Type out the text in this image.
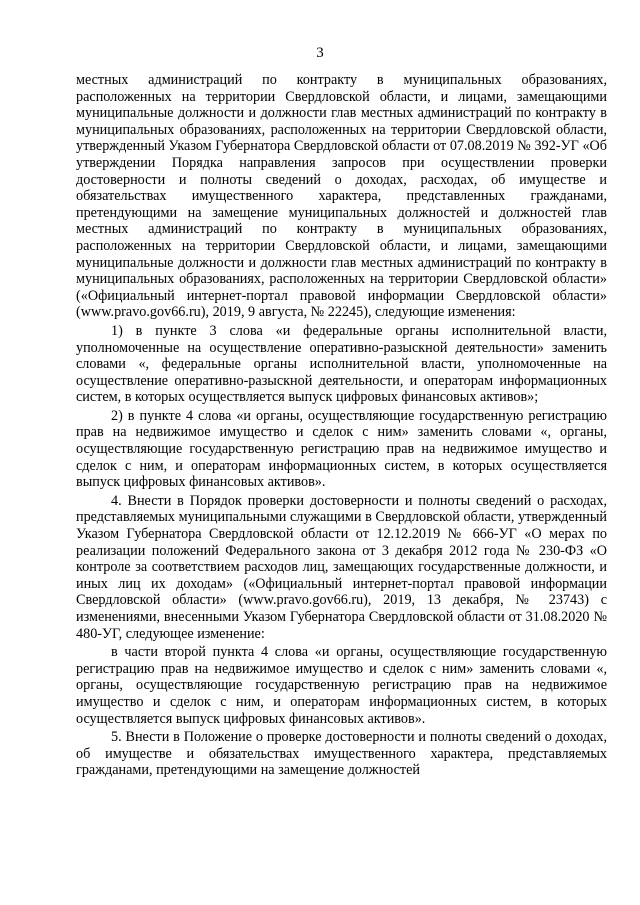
3

местных администраций по контракту в муниципальных образованиях, расположенных на территории Свердловской области, и лицами, замещающими муниципальные должности и должности глав местных администраций по контракту в муниципальных образованиях, расположенных на территории Свердловской области, утвержденный Указом Губернатора Свердловской области от 07.08.2019 № 392-УГ «Об утверждении Порядка направления запросов при осуществлении проверки достоверности и полноты сведений о доходах, расходах, об имуществе и обязательствах имущественного характера, представленных гражданами, претендующими на замещение муниципальных должностей и должностей глав местных администраций по контракту в муниципальных образованиях, расположенных на территории Свердловской области, и лицами, замещающими муниципальные должности и должности глав местных администраций по контракту в муниципальных образованиях, расположенных на территории Свердловской области» («Официальный интернет-портал правовой информации Свердловской области» (www.pravo.gov66.ru), 2019, 9 августа, № 22245), следующие изменения:

1) в пункте 3 слова «и федеральные органы исполнительной власти, уполномоченные на осуществление оперативно-разыскной деятельности» заменить словами «, федеральные органы исполнительной власти, уполномоченные на осуществление оперативно-разыскной деятельности, и операторам информационных систем, в которых осуществляется выпуск цифровых финансовых активов»;

2) в пункте 4 слова «и органы, осуществляющие государственную регистрацию прав на недвижимое имущество и сделок с ним» заменить словами «, органы, осуществляющие государственную регистрацию прав на недвижимое имущество и сделок с ним, и операторам информационных систем, в которых осуществляется выпуск цифровых финансовых активов».

4. Внести в Порядок проверки достоверности и полноты сведений о расходах, представляемых муниципальными служащими в Свердловской области, утвержденный Указом Губернатора Свердловской области от 12.12.2019 № 666-УГ «О мерах по реализации положений Федерального закона от 3 декабря 2012 года № 230-ФЗ «О контроле за соответствием расходов лиц, замещающих государственные должности, и иных лиц их доходам» («Официальный интернет-портал правовой информации Свердловской области» (www.pravo.gov66.ru), 2019, 13 декабря, № 23743) с изменениями, внесенными Указом Губернатора Свердловской области от 31.08.2020 № 480-УГ, следующее изменение:

в части второй пункта 4 слова «и органы, осуществляющие государственную регистрацию прав на недвижимое имущество и сделок с ним» заменить словами «, органы, осуществляющие государственную регистрацию прав на недвижимое имущество и сделок с ним, и операторам информационных систем, в которых осуществляется выпуск цифровых финансовых активов».

5. Внести в Положение о проверке достоверности и полноты сведений о доходах, об имуществе и обязательствах имущественного характера, представляемых гражданами, претендующими на замещение должностей
